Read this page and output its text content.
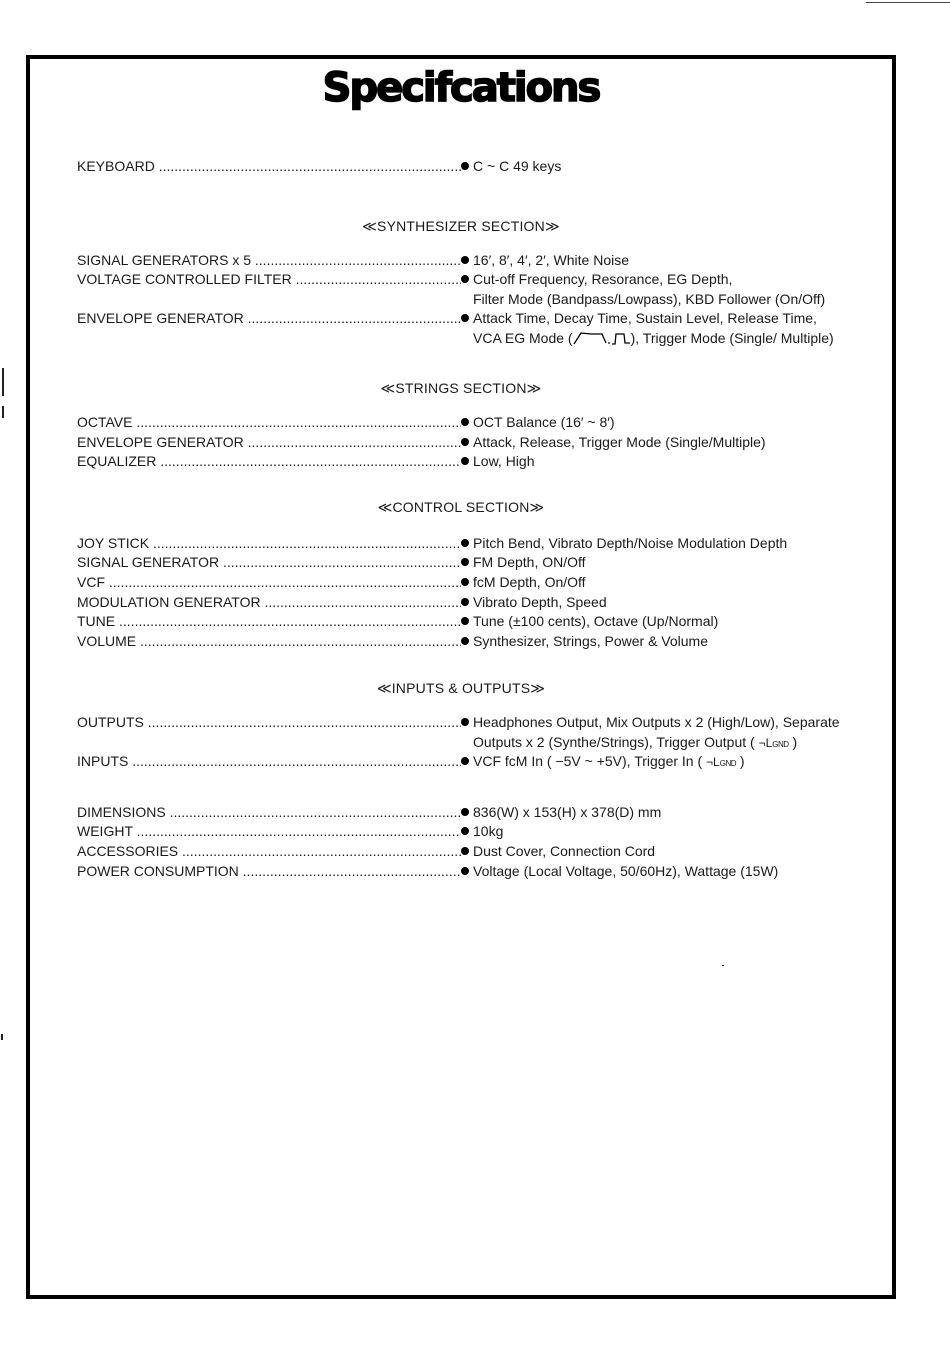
Specifcations
KEYBOARD .....	C ~ C 49 keys
≪SYNTHESIZER SECTION≫
SIGNAL GENERATORS x 5 .....	16′, 8′, 4′, 2′, White Noise
VOLTAGE CONTROLLED FILTER .....	Cut-off Frequency, Resorance, EG Depth,
Filter Mode (Bandpass/Lowpass), KBD Follower (On/Off)
ENVELOPE GENERATOR .....	Attack Time, Decay Time, Sustain Level, Release Time,
VCA EG Mode (	), Trigger Mode (Single/ Multiple)
≪STRINGS SECTION≫
OCTAVE .....	OCT Balance (16′ ~ 8′)
ENVELOPE GENERATOR .....	Attack, Release, Trigger Mode (Single/Multiple)
EQUALIZER .....	Low, High
≪CONTROL SECTION≫
JOY STICK .....	Pitch Bend, Vibrato Depth/Noise Modulation Depth
SIGNAL GENERATOR .....	FM Depth, ON/Off
VCF .....	fcM Depth, On/Off
MODULATION GENERATOR .....	Vibrato Depth, Speed
TUNE .....	Tune (±100 cents), Octave (Up/Normal)
VOLUME .....	Synthesizer, Strings, Power & Volume
≪INPUTS & OUTPUTS≫
OUTPUTS .....	Headphones Output, Mix Outputs x 2 (High/Low), Separate
Outputs x 2 (Synthe/Strings), Trigger Output ( ¬LGND )
INPUTS .....	VCF fcM In ( −5V ~ +5V), Trigger In ( ¬LGND )
DIMENSIONS .....	836(W) x 153(H) x 378(D) mm
WEIGHT .....	10kg
ACCESSORIES .....	Dust Cover, Connection Cord
POWER CONSUMPTION .....	Voltage (Local Voltage, 50/60Hz), Wattage (15W)
